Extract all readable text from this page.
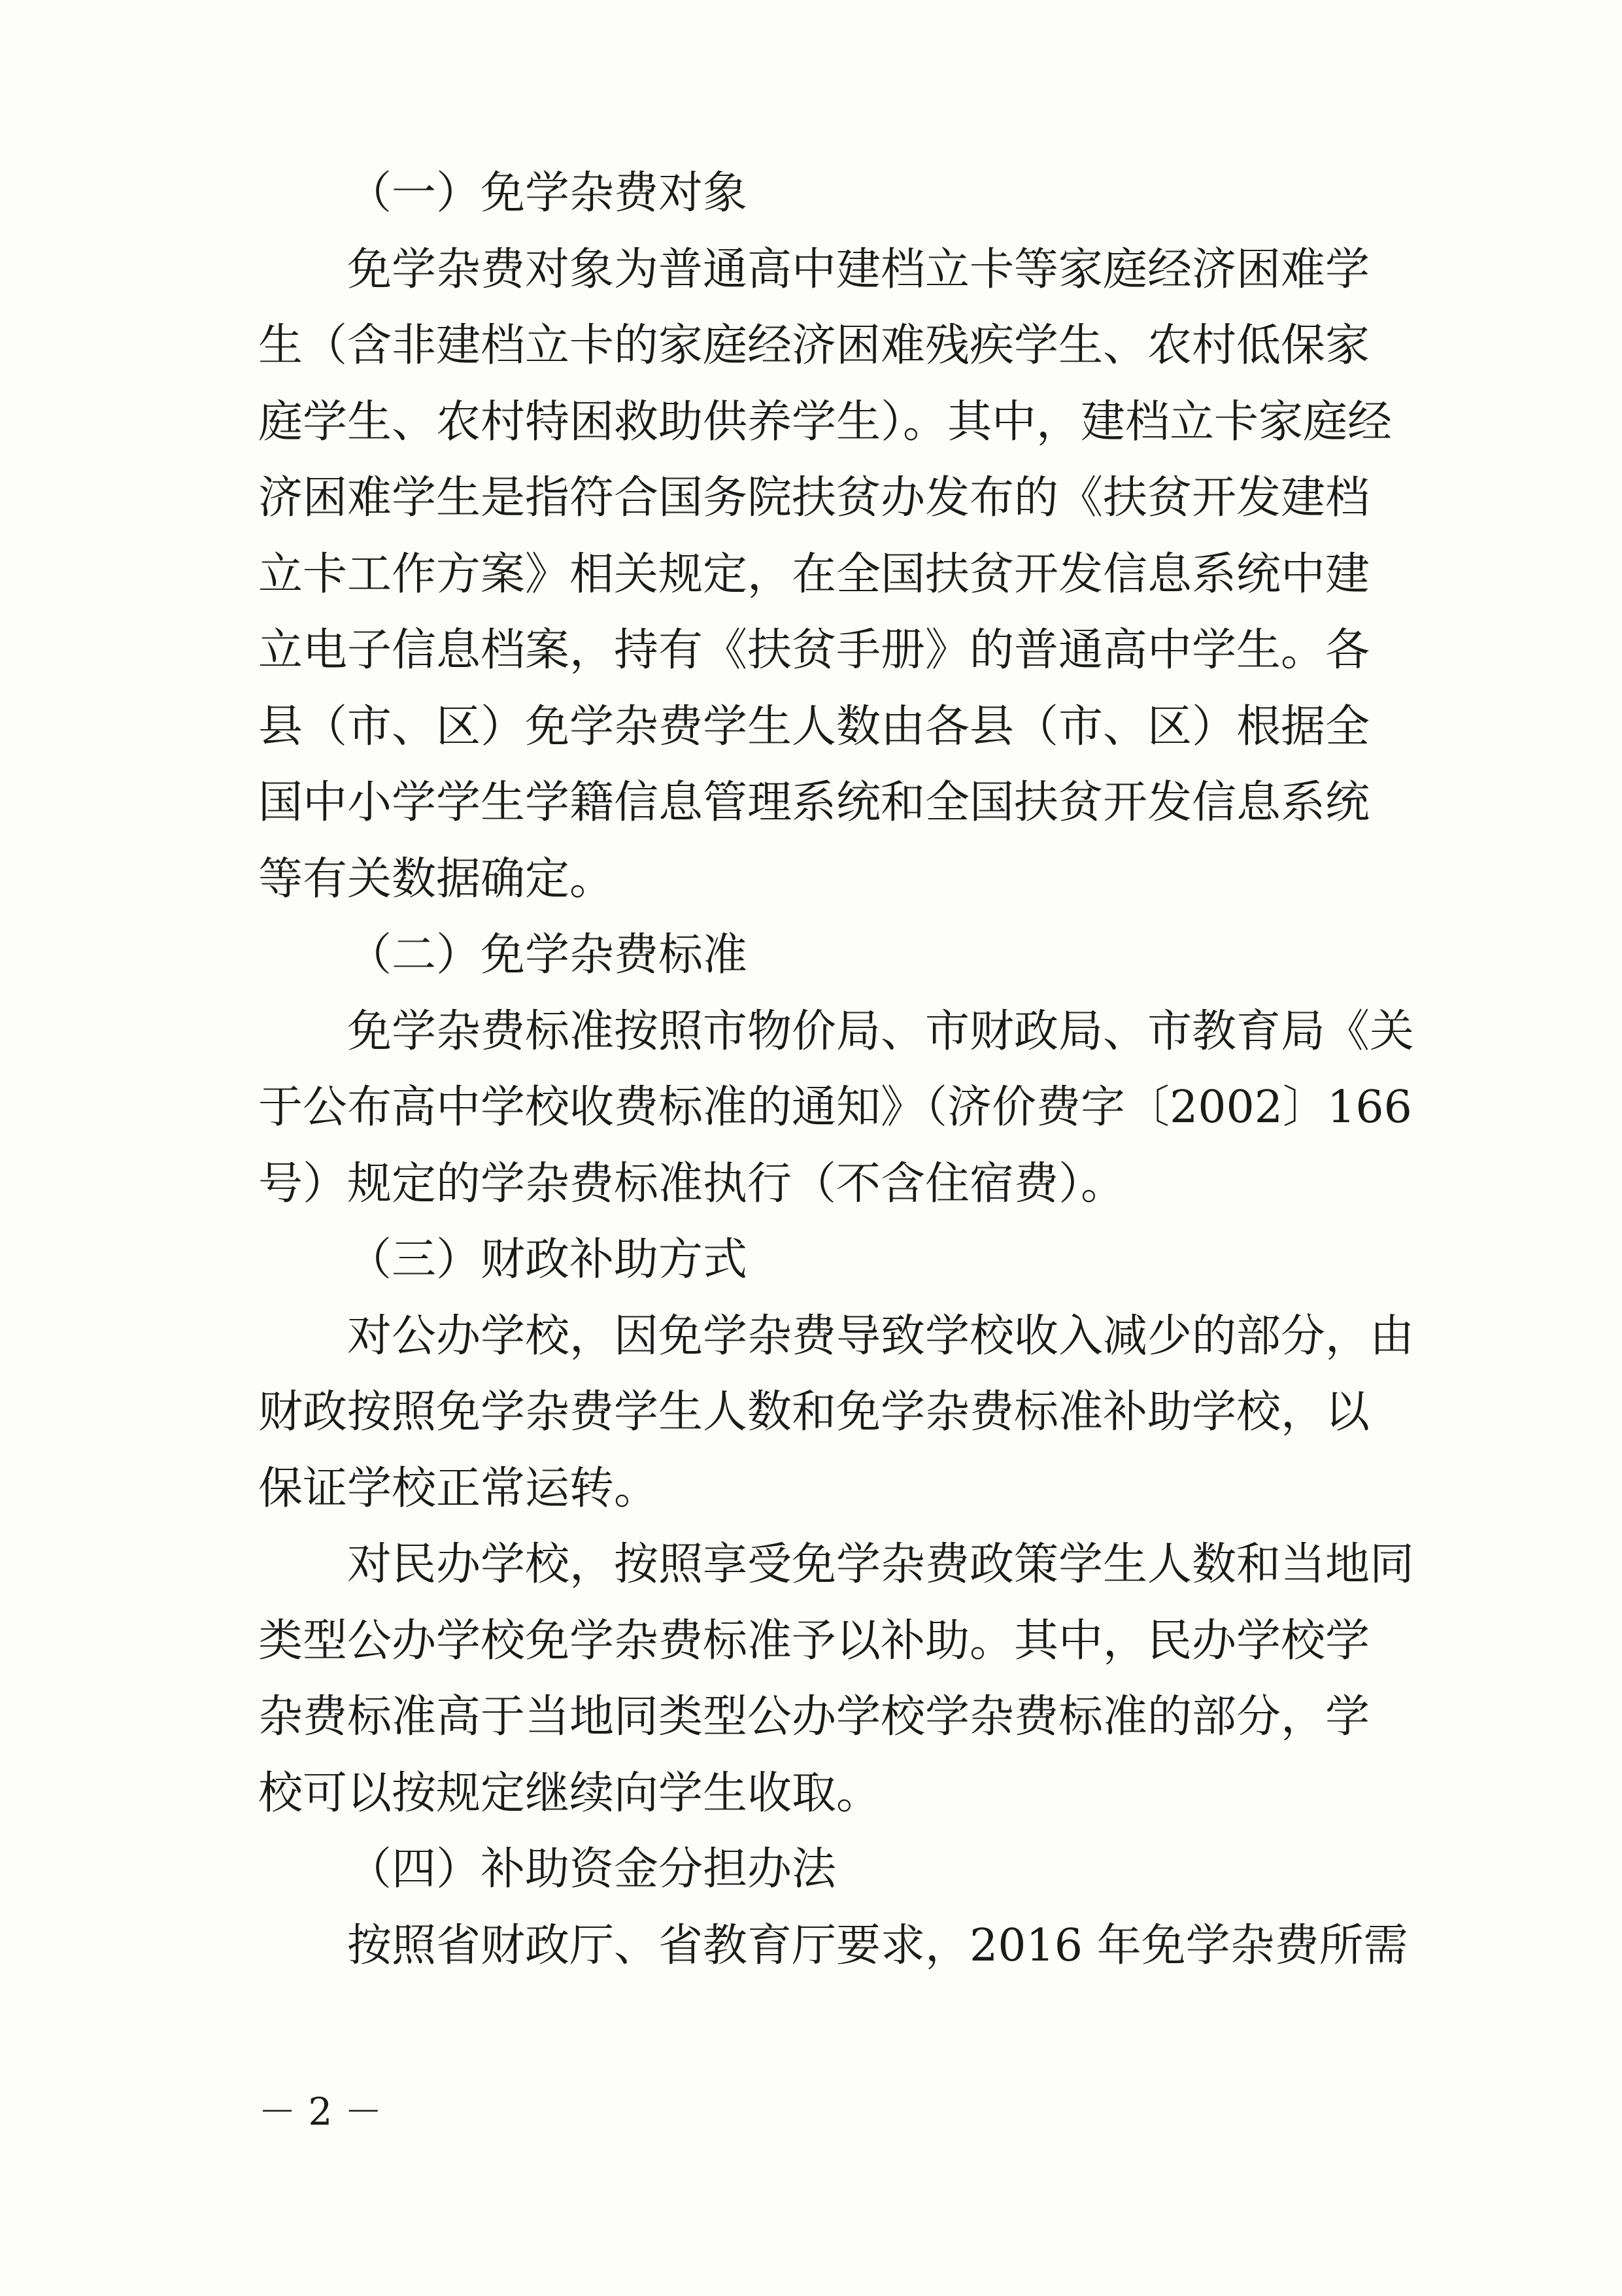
（一）免学杂费对象
免学杂费对象为普通高中建档立卡等家庭经济困难学
生（含非建档立卡的家庭经济困难残疾学生、农村低保家
庭学生、农村特困救助供养学生）。其中，建档立卡家庭经
济困难学生是指符合国务院扶贫办发布的《扶贫开发建档
立卡工作方案》相关规定，在全国扶贫开发信息系统中建
立电子信息档案，持有《扶贫手册》的普通高中学生。各
县（市、区）免学杂费学生人数由各县（市、区）根据全
国中小学学生学籍信息管理系统和全国扶贫开发信息系统
等有关数据确定。
（二）免学杂费标准
免学杂费标准按照市物价局、市财政局、市教育局《关
于公布高中学校收费标准的通知》（济价费字〔2002〕166
号）规定的学杂费标准执行（不含住宿费）。
（三）财政补助方式
对公办学校，因免学杂费导致学校收入减少的部分，由
财政按照免学杂费学生人数和免学杂费标准补助学校，以
保证学校正常运转。
对民办学校，按照享受免学杂费政策学生人数和当地同
类型公办学校免学杂费标准予以补助。其中，民办学校学
杂费标准高于当地同类型公办学校学杂费标准的部分，学
校可以按规定继续向学生收取。
（四）补助资金分担办法
按照省财政厅、省教育厅要求，2016 年免学杂费所需
－ 2 －
